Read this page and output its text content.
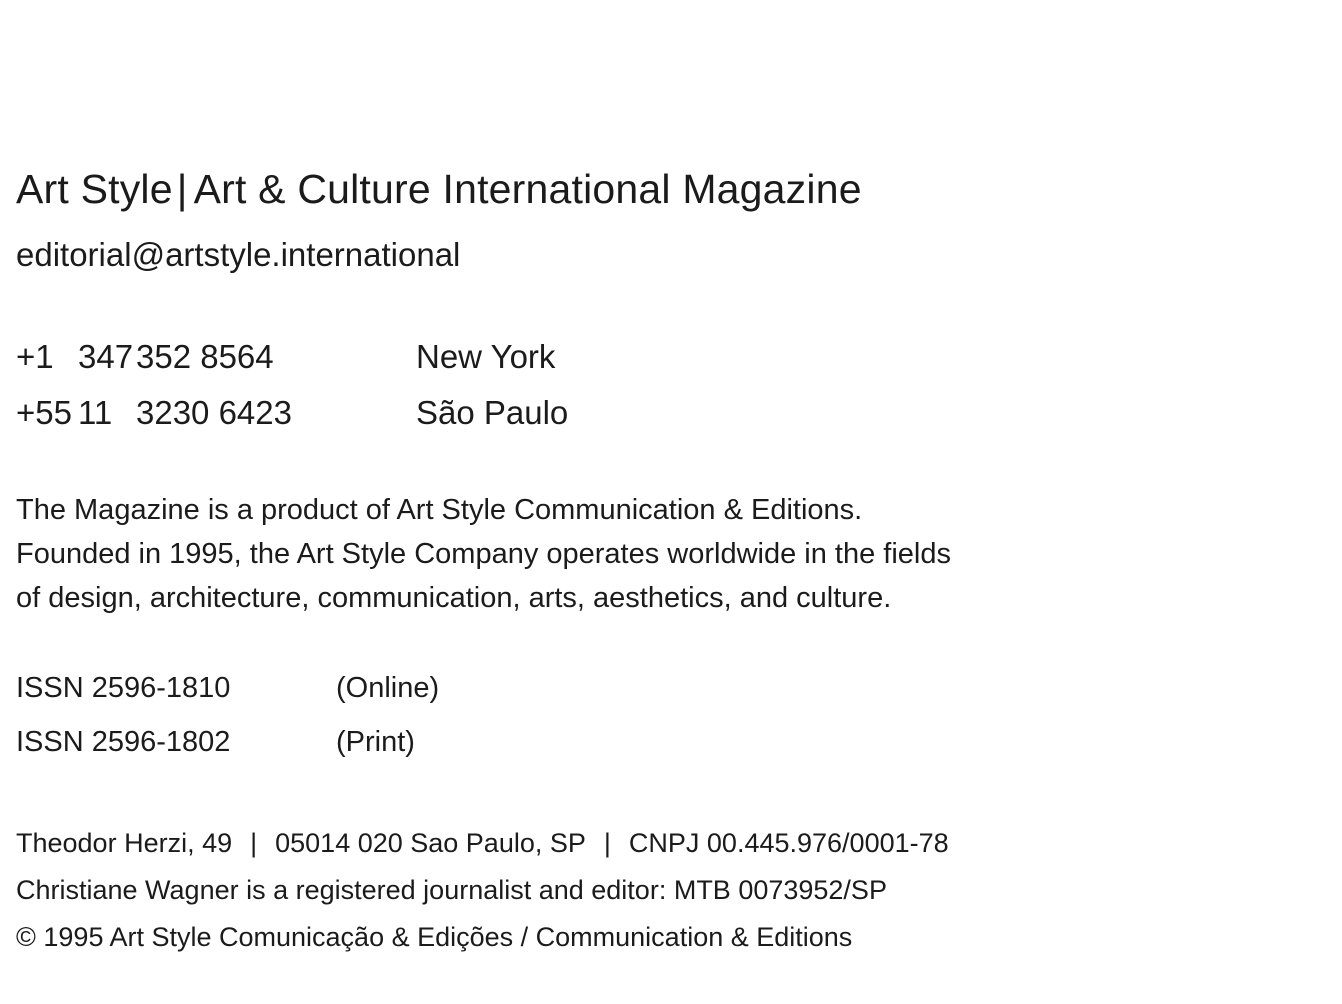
Art Style| Art & Culture International Magazine
editorial@artstyle.international
+1 347352 8564	New York
+55 11 3230 6423	São Paulo
The Magazine is a product of Art Style Communication & Editions.
Founded in 1995, the Art Style Company operates worldwide in the fields
of design, architecture, communication, arts, aesthetics, and culture.
ISSN 2596-1810	(Online)
ISSN 2596-1802	(Print)
Theodor Herzi, 49 | 05014 020 Sao Paulo, SP | CNPJ 00.445.976/0001-78
Christiane Wagner is a registered journalist and editor: MTB 0073952/SP
© 1995 Art Style Comunicação & Edições / Communication & Editions
